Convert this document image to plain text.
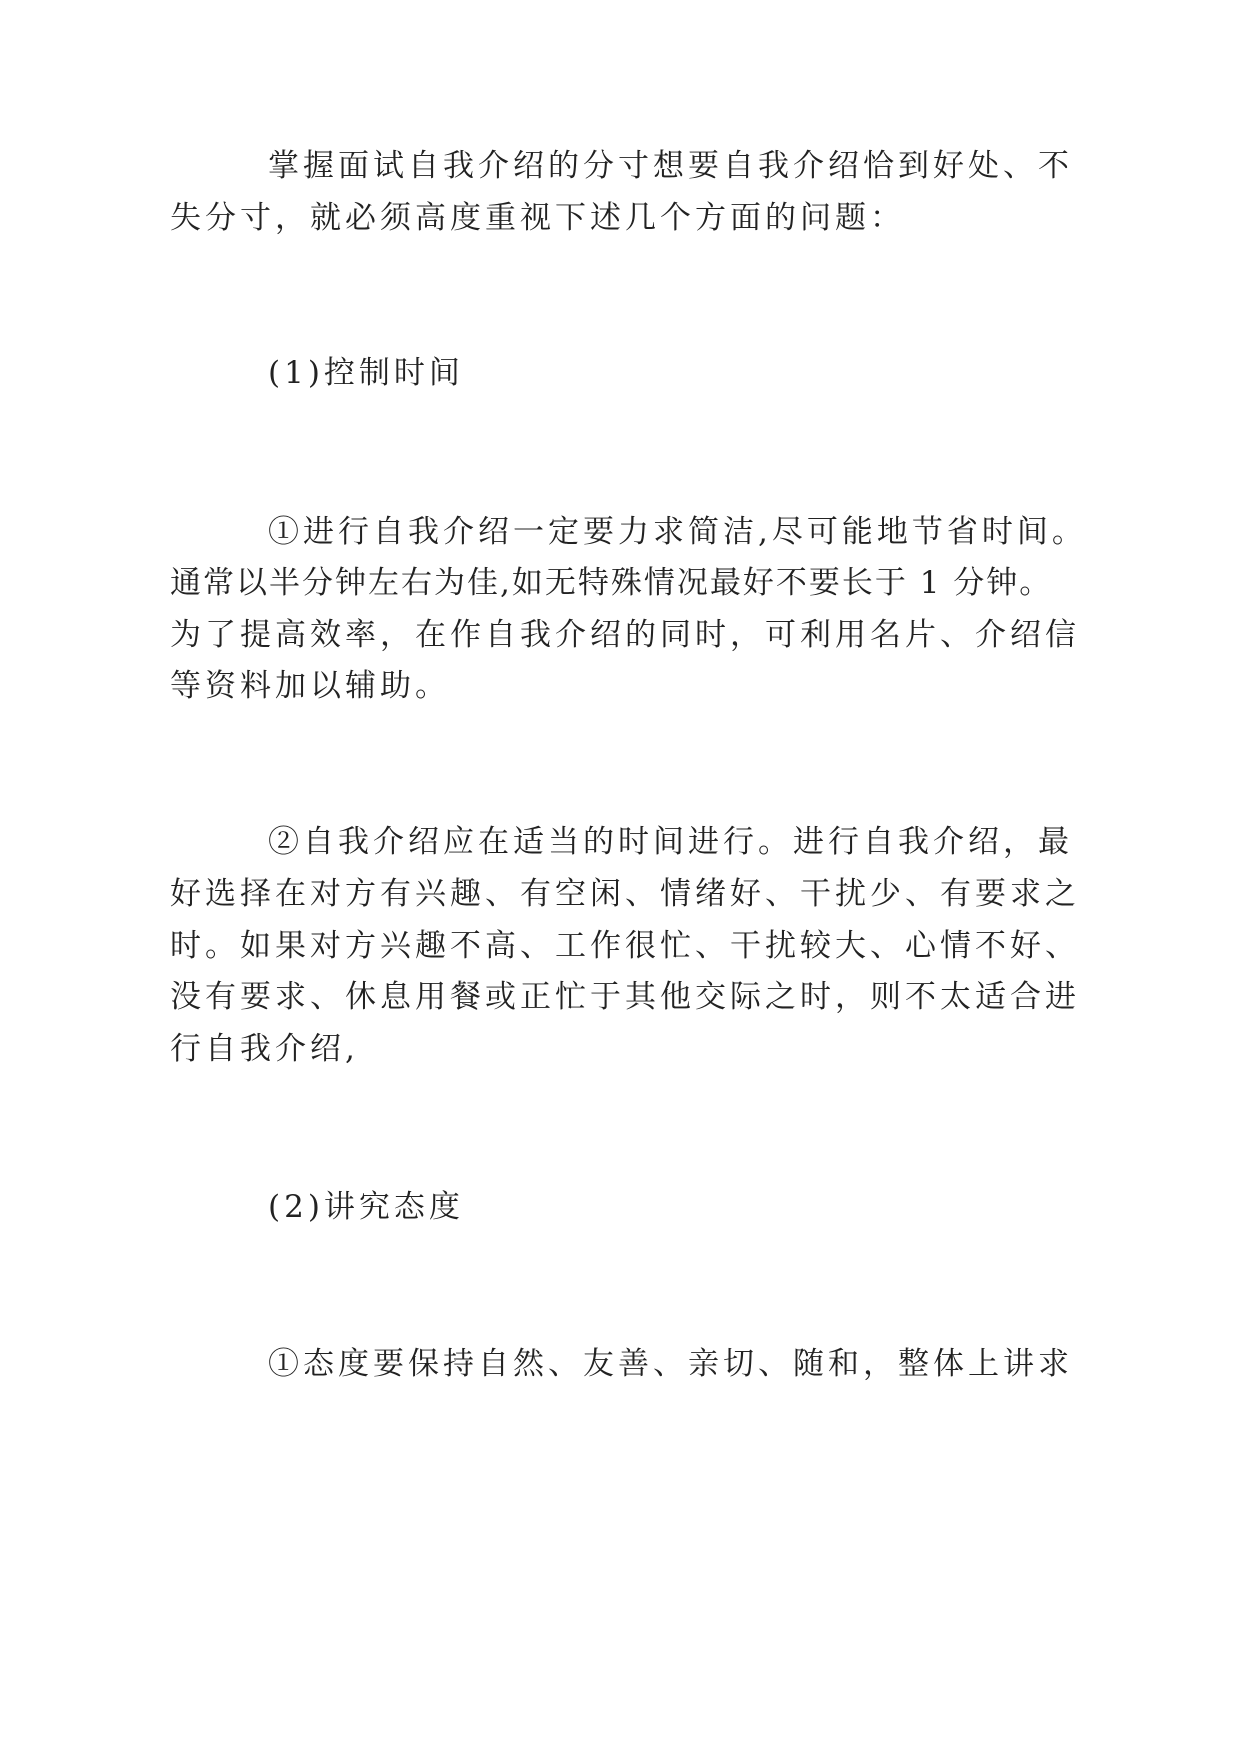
掌握面试自我介绍的分寸想要自我介绍恰到好处、不

失分寸，就必须高度重视下述几个方面的问题：

(1)控制时间

①进行自我介绍一定要力求简洁,尽可能地节省时间。

通常以半分钟左右为佳,如无特殊情况最好不要长于 1 分钟。

为了提高效率，在作自我介绍的同时，可利用名片、介绍信

等资料加以辅助。

②自我介绍应在适当的时间进行。进行自我介绍，最

好选择在对方有兴趣、有空闲、情绪好、干扰少、有要求之

时。如果对方兴趣不高、工作很忙、干扰较大、心情不好、

没有要求、休息用餐或正忙于其他交际之时，则不太适合进

行自我介绍,

(2)讲究态度

①态度要保持自然、友善、亲切、随和，整体上讲求
